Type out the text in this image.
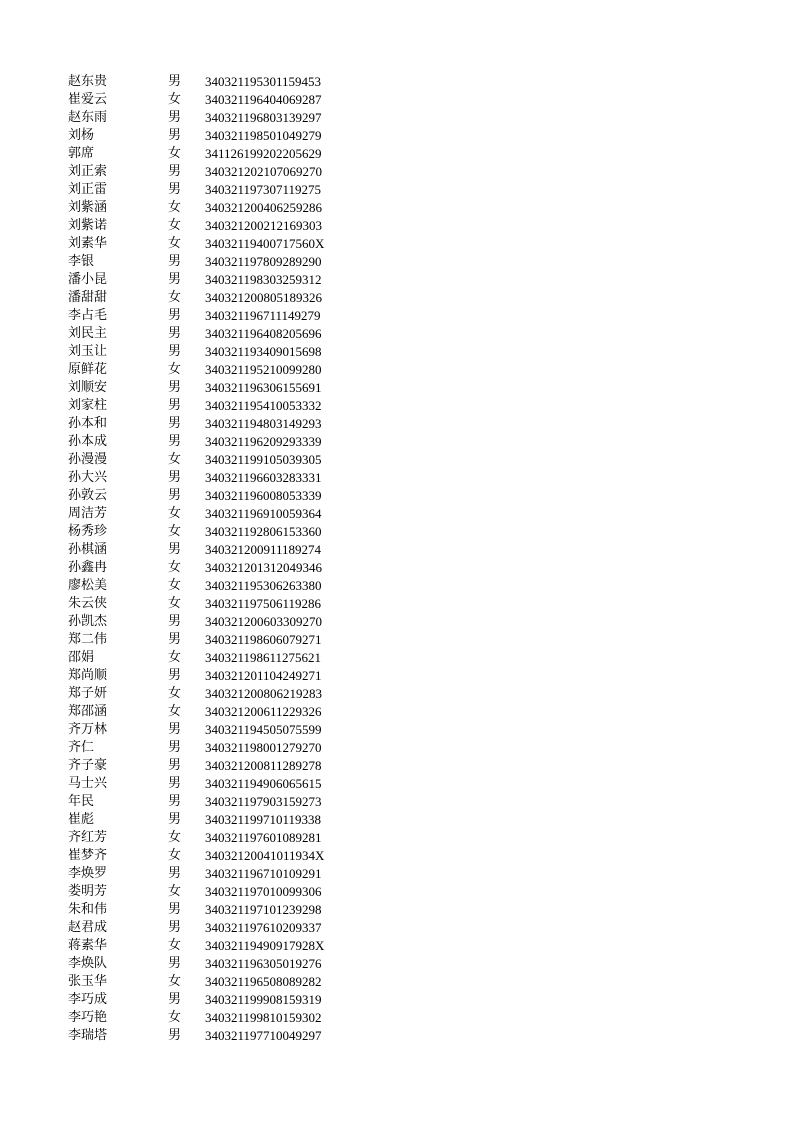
赵东贵	男 340321195301159453
崔爱云	女 340321196404069287
赵东雨	男 340321196803139297
刘杨	男 340321198501049279
郭席	女 341126199202205629
刘正索	男 340321202107069270
刘正雷	男 340321197307119275
刘紫涵	女 340321200406259286
刘紫诺	女 340321200212169303
刘素华	女 34032119400717560X
李银	男 340321197809289290
潘小昆	男 340321198303259312
潘甜甜	女 340321200805189326
李占毛	男 340321196711149279
刘民主	男 340321196408205696
刘玉让	男 340321193409015698
原鲜花	女 340321195210099280
刘顺安	男 340321196306155691
刘家柱	男 340321195410053332
孙本和	男 340321194803149293
孙本成	男 340321196209293339
孙漫漫	女 340321199105039305
孙大兴	男 340321196603283331
孙敦云	男 340321196008053339
周洁芳	女 340321196910059364
杨秀珍	女 340321192806153360
孙棋涵	男 340321200911189274
孙鑫冉	女 340321201312049346
廖松美	女 340321195306263380
朱云侠	女 340321197506119286
孙凯杰	男 340321200603309270
郑二伟	男 340321198606079271
邵娟	女 340321198611275621
郑尚顺	男 340321201104249271
郑子妍	女 340321200806219283
郑邵涵	女 340321200611229326
齐万林	男 340321194505075599
齐仁	男 340321198001279270
齐子豪	男 340321200811289278
马士兴	男 340321194906065615
年民	男 340321197903159273
崔彪	男 340321199710119338
齐红芳	女 340321197601089281
崔梦齐	女 34032120041011934X
李焕罗	男 340321196710109291
娄明芳	女 340321197010099306
朱和伟	男 340321197101239298
赵君成	男 340321197610209337
蒋素华	女 34032119490917928X
李焕队	男 340321196305019276
张玉华	女 340321196508089282
李巧成	男 340321199908159319
李巧艳	女 340321199810159302
李瑞塔	男 340321197710049297
